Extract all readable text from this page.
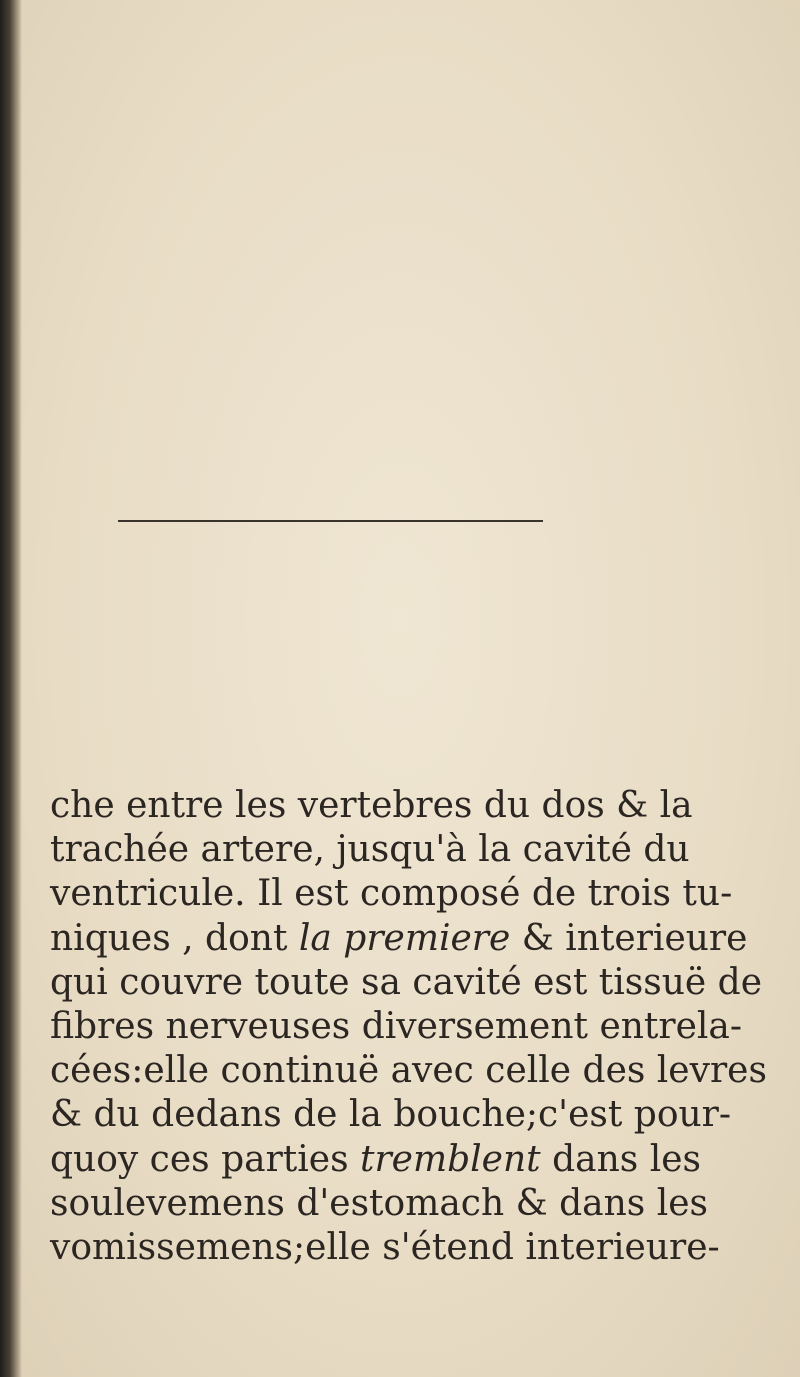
che entre les vertebres du dos & la
trachée artere, jusqu'à la cavité du
ventricule. Il est composé de trois tu-
niques , dont la premiere & interieure
qui couvre toute sa cavité est tissuë de
fibres nerveuses diversement entrela-
cées:elle continuë avec celle des levres
& du dedans de la bouche;c'est pour-
quoy ces parties tremblent dans les
soulevemens d'estomach & dans les
vomissemens;elle s'étend interieure-
